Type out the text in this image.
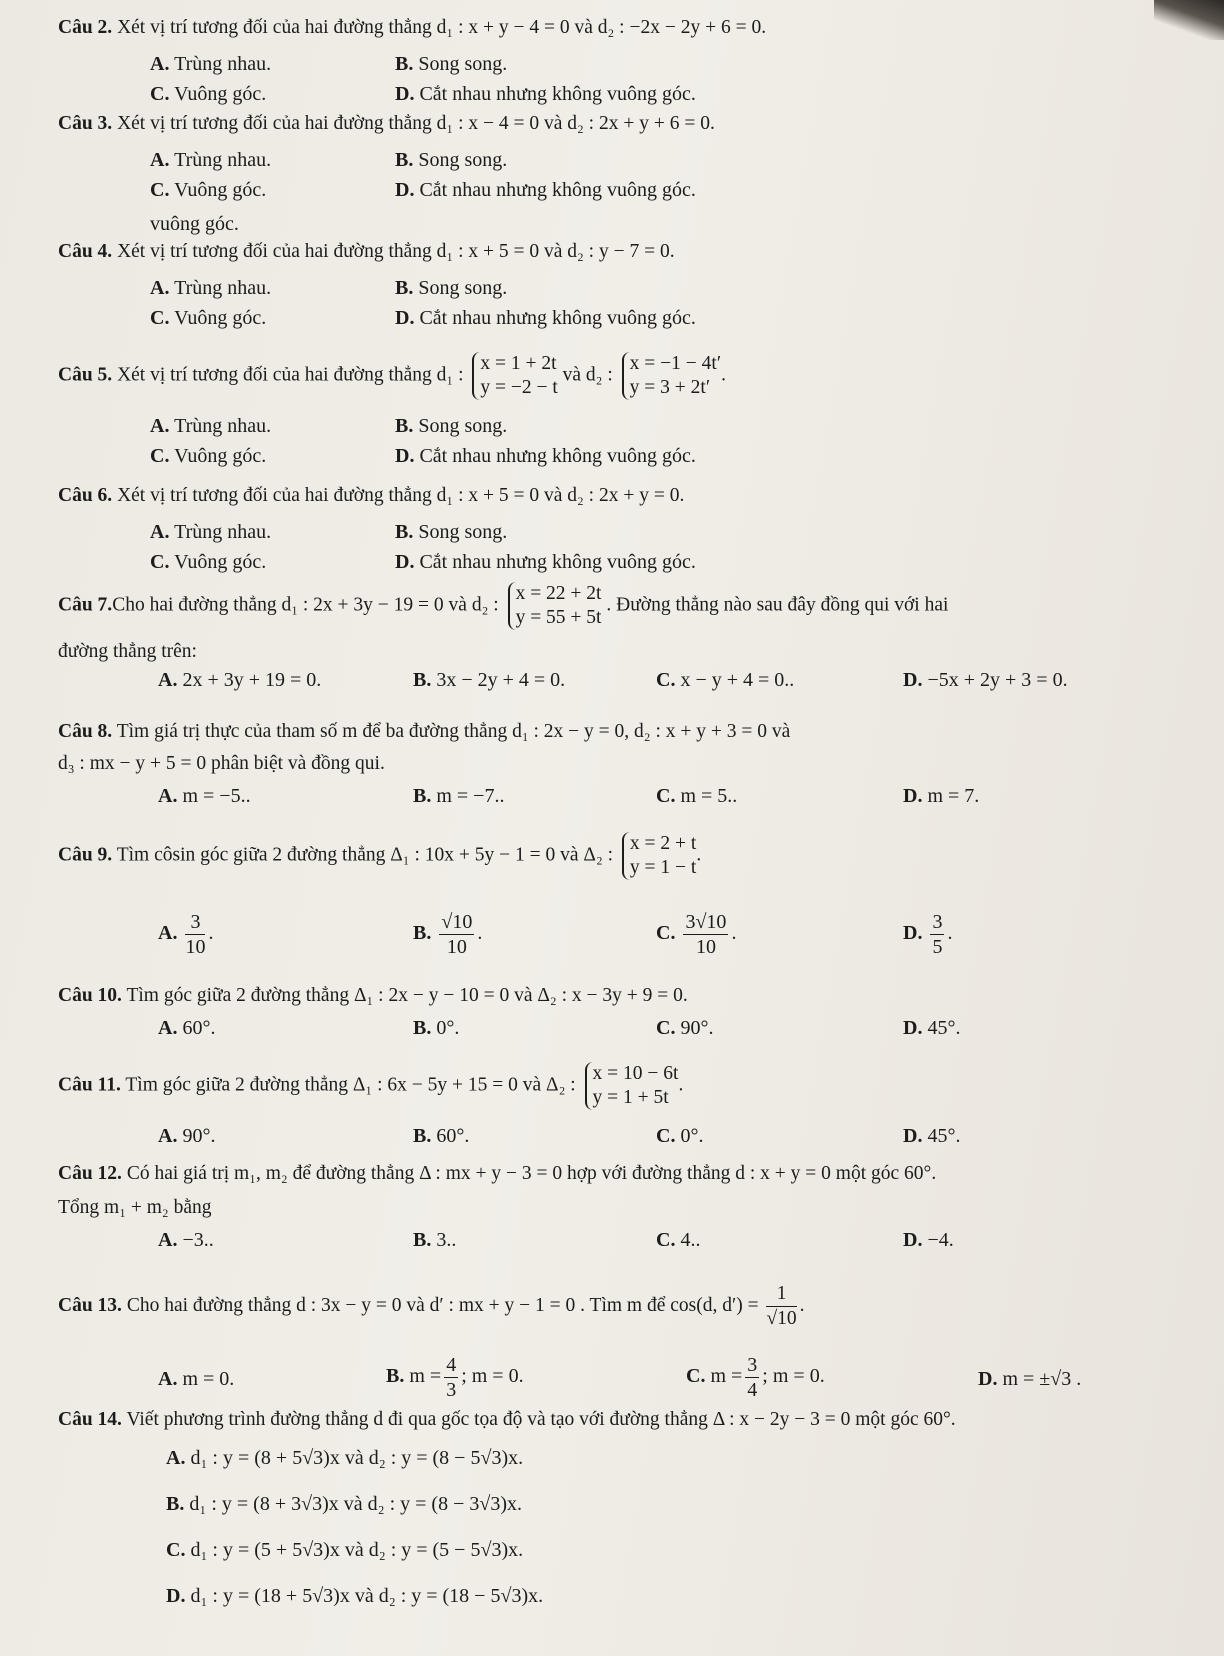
Câu 2. Xét vị trí tương đối của hai đường thẳng d₁ : x + y − 4 = 0 và d₂ : −2x − 2y + 6 = 0.
A. Trùng nhau.	B. Song song.
C. Vuông góc.	D. Cắt nhau nhưng không vuông góc.
Câu 3. Xét vị trí tương đối của hai đường thẳng d₁ : x − 4 = 0 và d₂ : 2x + y + 6 = 0.
A. Trùng nhau.	B. Song song.
C. Vuông góc.	D. Cắt nhau nhưng không vuông góc.
vuông góc.
Câu 4. Xét vị trí tương đối của hai đường thẳng d₁ : x + 5 = 0 và d₂ : y − 7 = 0.
A. Trùng nhau.	B. Song song.
C. Vuông góc.	D. Cắt nhau nhưng không vuông góc.
Câu 5. Xét vị trí tương đối của hai đường thẳng d₁ :
x = 1 + 2t
y = −2 − t
và d₂ :
x = −1 − 4t′
y = 3 + 2t′
.
A. Trùng nhau.	B. Song song.
C. Vuông góc.	D. Cắt nhau nhưng không vuông góc.
Câu 6. Xét vị trí tương đối của hai đường thẳng d₁ : x + 5 = 0 và d₂ : 2x + y = 0.
A. Trùng nhau.	B. Song song.
C. Vuông góc.	D. Cắt nhau nhưng không vuông góc.
Câu 7.Cho hai đường thẳng d₁ : 2x + 3y − 19 = 0 và d₂ :
x = 22 + 2t
y = 55 + 5t
. Đường thẳng nào sau đây đồng qui với hai
đường thẳng trên:
A. 2x + 3y + 19 = 0.	B. 3x − 2y + 4 = 0.	C. x − y + 4 = 0..	D. −5x + 2y + 3 = 0.
Câu 8. Tìm giá trị thực của tham số m để ba đường thẳng d₁ : 2x − y = 0, d₂ : x + y + 3 = 0 và
d₃ : mx − y + 5 = 0 phân biệt và đồng qui.
A. m = −5..	B. m = −7..	C. m = 5..	D. m = 7.
Câu 9. Tìm côsin góc giữa 2 đường thẳng Δ₁ : 10x + 5y − 1 = 0 và Δ₂ :
x = 2 + t
y = 1 − t
.
A. $\frac{3}{10}$ .	B. $\frac{√10}{10}$ .	C. $\frac{3√10}{10}$ .	D. $\frac{3}{5}$ .
Câu 10. Tìm góc giữa 2 đường thẳng Δ₁ : 2x − y − 10 = 0 và Δ₂ : x − 3y + 9 = 0.
A. 60°.	B. 0°.	C. 90°.	D. 45°.
Câu 11. Tìm góc giữa 2 đường thẳng Δ₁ : 6x − 5y + 15 = 0 và Δ₂ :
x = 10 − 6t
y = 1 + 5t
.
A. 90°.	B. 60°.	C. 0°.	D. 45°.
Câu 12. Có hai giá trị m₁, m₂ để đường thẳng Δ : mx + y − 3 = 0 hợp với đường thẳng d : x + y = 0 một góc 60°.
Tổng m₁ + m₂ bằng
A. −3..	B. 3..	C. 4..	D. −4.
Câu 13. Cho hai đường thẳng d : 3x − y = 0 và d′ : mx + y − 1 = 0 . Tìm m để cos(d, $d') = \frac{1}{√10}$ .
A. m = 0.	B. $m = \frac{4}{3}$ ; m = 0.	C. $m = \frac{3}{4}$ ; m = 0.	D. m = ±√3 .
Câu 14. Viết phương trình đường thẳng d đi qua gốc tọa độ và tạo với đường thẳng Δ : x − 2y − 3 = 0 một góc 60°.
A. d₁ : y = (8 + 5√3)x và d₂ : y = (8 − 5√3)x.
B. d₁ : y = (8 + 3√3)x và d₂ : y = (8 − 3√3)x.
C. d₁ : y = (5 + 5√3)x và d₂ : y = (5 − 5√3)x.
D. d₁ : y = (18 + 5√3)x và d₂ : y = (18 − 5√3)x.
